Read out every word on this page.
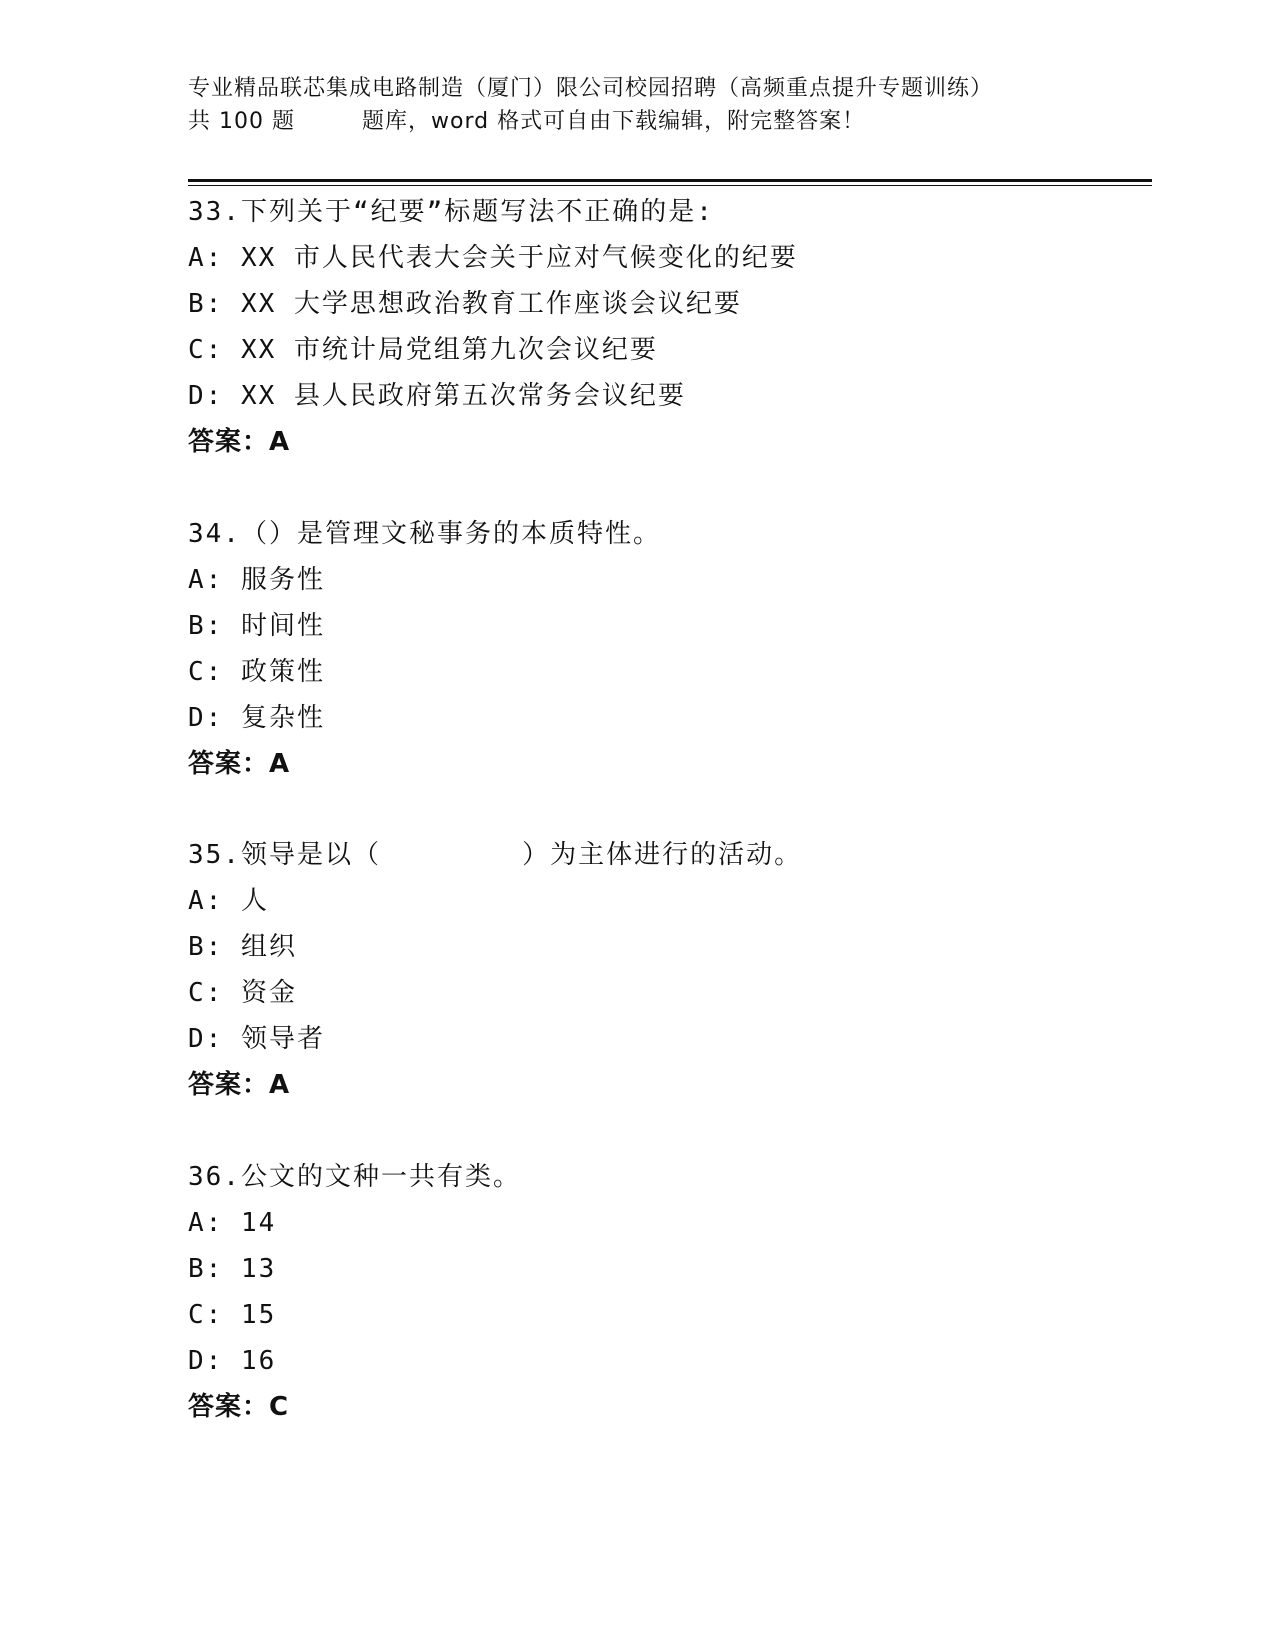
专业精品联芯集成电路制造（厦门）限公司校园招聘（高频重点提升专题训练）
共 100 题	题库，word 格式可自由下载编辑，附完整答案！
33.下列关于“纪要”标题写法不正确的是:
A: XX 市人民代表大会关于应对气候变化的纪要
B: XX 大学思想政治教育工作座谈会议纪要
C: XX 市统计局党组第九次会议纪要
D: XX 县人民政府第五次常务会议纪要
答案：A
34.（）是管理文秘事务的本质特性。
A: 服务性
B: 时间性
C: 政策性
D: 复杂性
答案：A
35.领导是以（        ）为主体进行的活动。
A: 人
B: 组织
C: 资金
D: 领导者
答案：A
36.公文的文种一共有类。
A: 14
B: 13
C: 15
D: 16
答案：C
